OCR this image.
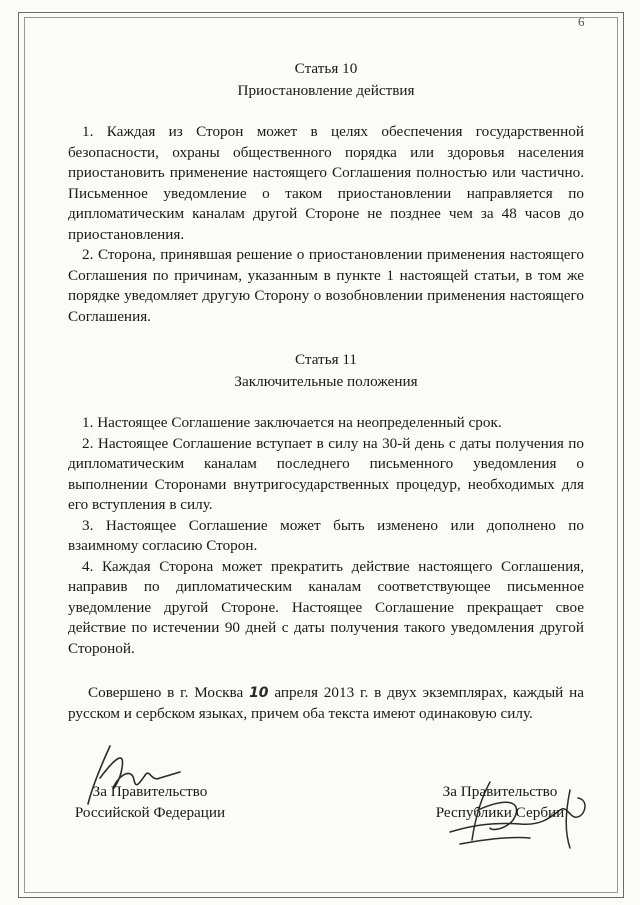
6
Статья 10
Приостановление действия

1. Каждая из Сторон может в целях обеспечения государственной безопасности, охраны общественного порядка или здоровья населения приостановить применение настоящего Соглашения полностью или частично. Письменное уведомление о таком приостановлении направляется по дипломатическим каналам другой Стороне не позднее чем за 48 часов до приостановления.

2. Сторона, принявшая решение о приостановлении применения настоящего Соглашения по причинам, указанным в пункте 1 настоящей статьи, в том же порядке уведомляет другую Сторону о возобновлении применения настоящего Соглашения.

Статья 11
Заключительные положения

1. Настоящее Соглашение заключается на неопределенный срок.

2. Настоящее Соглашение вступает в силу на 30-й день с даты получения по дипломатическим каналам последнего письменного уведомления о выполнении Сторонами внутригосударственных процедур, необходимых для его вступления в силу.

3. Настоящее Соглашение может быть изменено или дополнено по взаимному согласию Сторон.

4. Каждая Сторона может прекратить действие настоящего Соглашения, направив по дипломатическим каналам соответствующее письменное уведомление другой Стороне. Настоящее Соглашение прекращает свое действие по истечении 90 дней с даты получения такого уведомления другой Стороной.

Совершено в г. Москва 10 апреля 2013 г. в двух экземплярах, каждый на русском и сербском языках, причем оба текста имеют одинаковую силу.

За Правительство
Российской Федерации
За Правительство
Республики Сербии
